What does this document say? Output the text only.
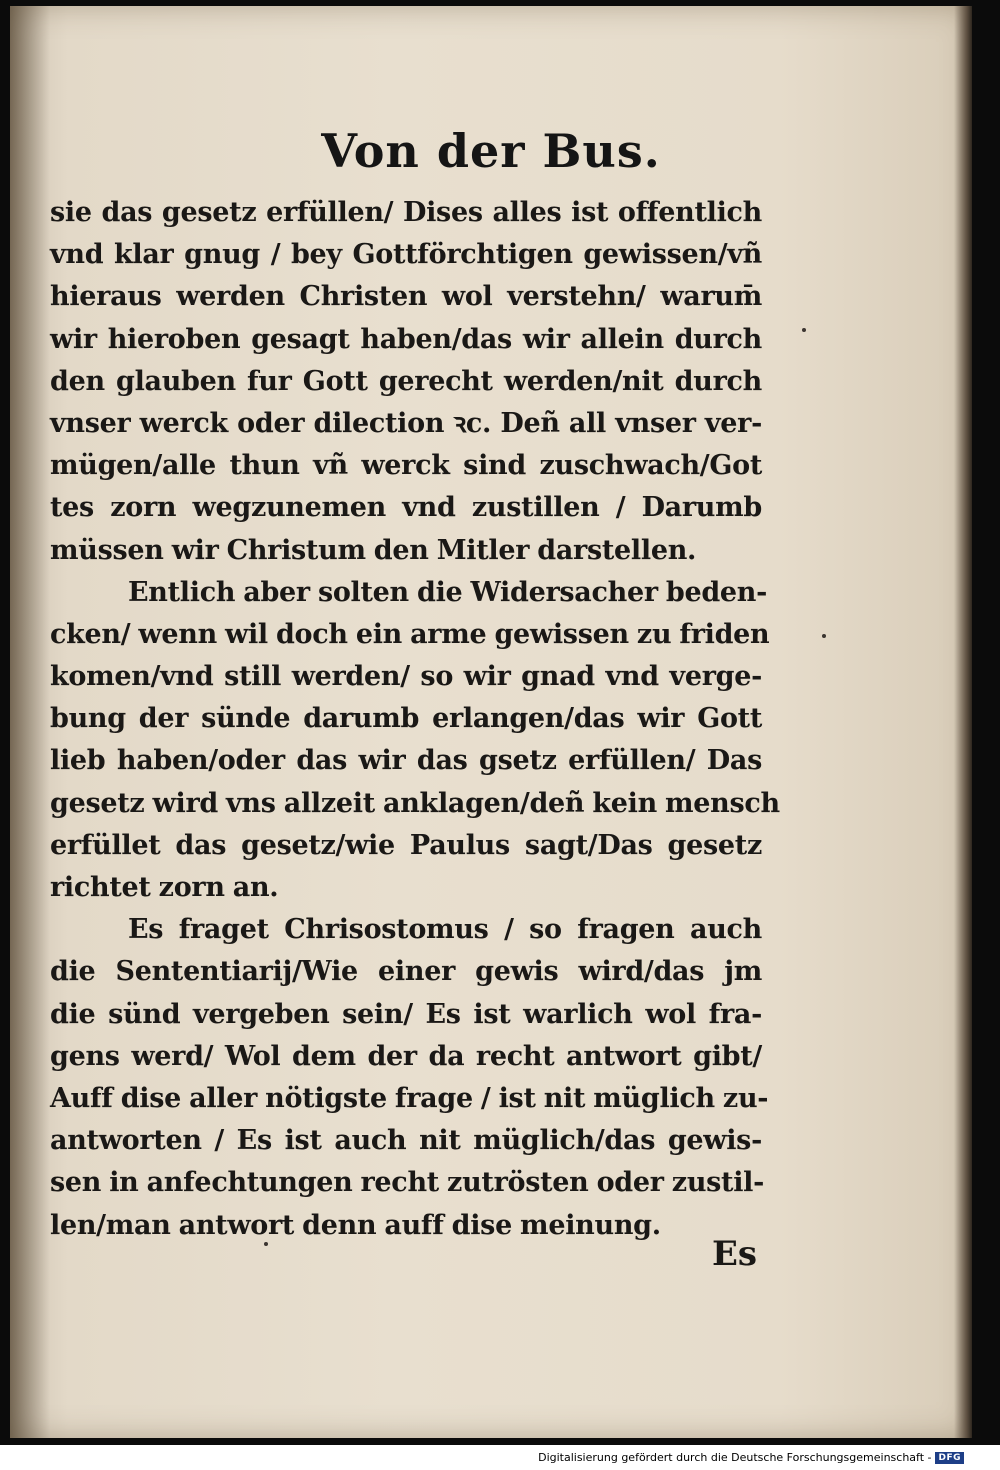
Von der Bus.
sie das gesetz erfüllen/ Dises alles ist offentlich
vnd klar gnug / bey Gottförchtigen gewissen/vñ
hieraus werden Christen wol verstehn/ warum̄
wir hieroben gesagt haben/das wir allein durch
den glauben fur Gott gerecht werden/nit durch
vnser werck oder dilection ꝛc. Deñ all vnser ver-
mügen/alle thun vñ werck sind zuschwach/Got
tes zorn wegzunemen vnd zustillen / Darumb
müssen wir Christum den Mitler darstellen.
Entlich aber solten die Widersacher beden-
cken/ wenn wil doch ein arme gewissen zu friden
komen/vnd still werden/ so wir gnad vnd verge-
bung der sünde darumb erlangen/das wir Gott
lieb haben/oder das wir das gsetz erfüllen/ Das
gesetz wird vns allzeit anklagen/deñ kein mensch
erfüllet das gesetz/wie Paulus sagt/Das gesetz
richtet zorn an.
Es fraget Chrisostomus / so fragen auch
die Sententiarij/Wie einer gewis wird/das jm
die sünd vergeben sein/ Es ist warlich wol fra-
gens werd/ Wol dem der da recht antwort gibt/
Auff dise aller nötigste frage / ist nit müglich zu-
antworten / Es ist auch nit müglich/das gewis-
sen in anfechtungen recht zutrösten oder zustil-
len/man antwort denn auff dise meinung.
Es
Digitalisierung gefördert durch die Deutsche Forschungsgemeinschaft - DFG
